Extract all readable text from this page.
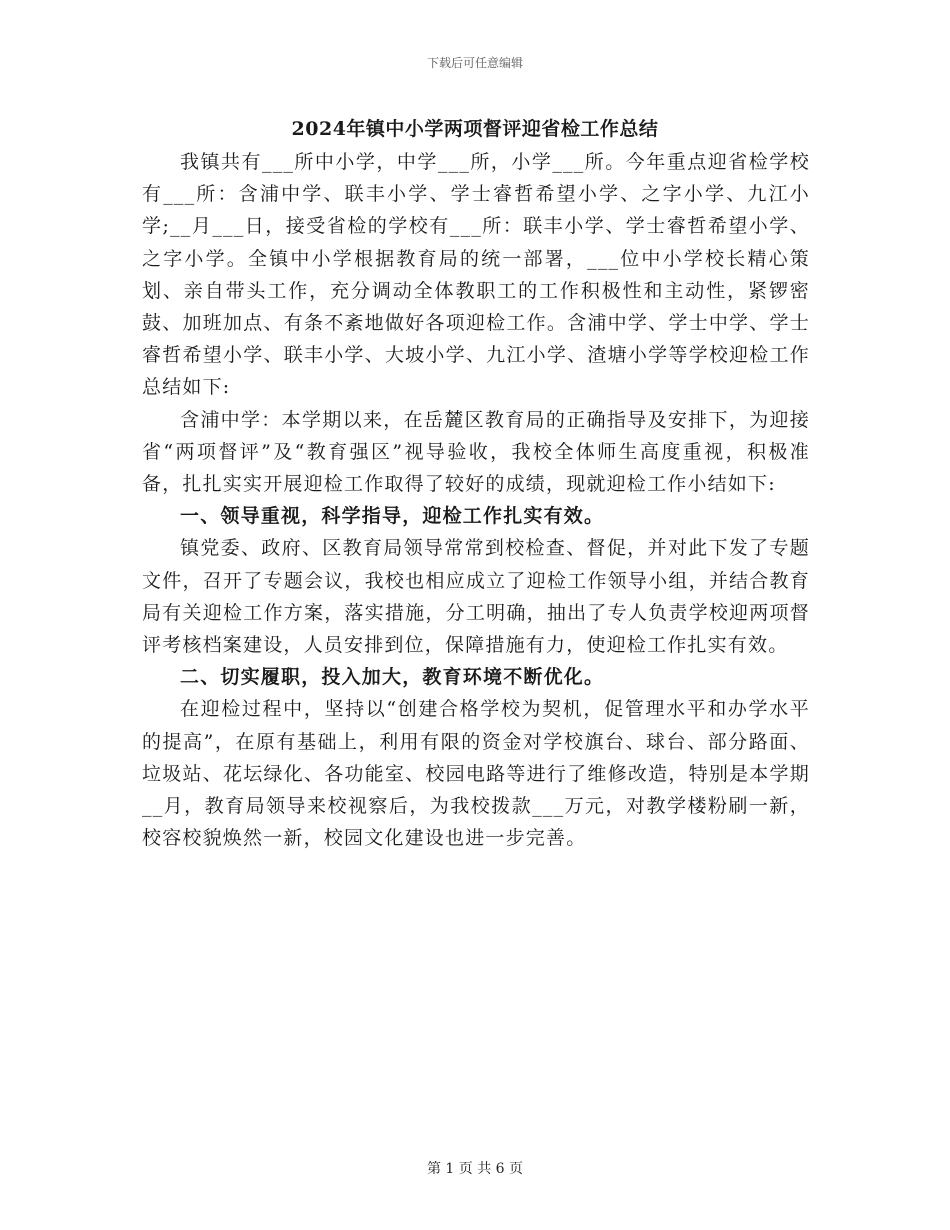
下载后可任意编辑
2024年镇中小学两项督评迎省检工作总结

我镇共有___所中小学，中学___所，小学___所。今年重点迎省检学校有___所：含浦中学、联丰小学、学士睿哲希望小学、之字小学、九江小学;__月___日，接受省检的学校有___所：联丰小学、学士睿哲希望小学、之字小学。全镇中小学根据教育局的统一部署，___位中小学校长精心策划、亲自带头工作，充分调动全体教职工的工作积极性和主动性，紧锣密鼓、加班加点、有条不紊地做好各项迎检工作。含浦中学、学士中学、学士睿哲希望小学、联丰小学、大坡小学、九江小学、渣塘小学等学校迎检工作总结如下:

含浦中学：本学期以来，在岳麓区教育局的正确指导及安排下，为迎接省“两项督评”及“教育强区”视导验收，我校全体师生高度重视，积极准备，扎扎实实开展迎检工作取得了较好的成绩，现就迎检工作小结如下:

一、领导重视，科学指导，迎检工作扎实有效。

镇党委、政府、区教育局领导常常到校检查、督促，并对此下发了专题文件，召开了专题会议，我校也相应成立了迎检工作领导小组，并结合教育局有关迎检工作方案，落实措施，分工明确，抽出了专人负责学校迎两项督评考核档案建设，人员安排到位，保障措施有力，使迎检工作扎实有效。

二、切实履职，投入加大，教育环境不断优化。

在迎检过程中，坚持以“创建合格学校为契机，促管理水平和办学水平的提高”，在原有基础上，利用有限的资金对学校旗台、球台、部分路面、垃圾站、花坛绿化、各功能室、校园电路等进行了维修改造，特别是本学期__月，教育局领导来校视察后，为我校拨款___万元，对教学楼粉刷一新，校容校貌焕然一新，校园文化建设也进一步完善。

第 1 页 共 6 页
